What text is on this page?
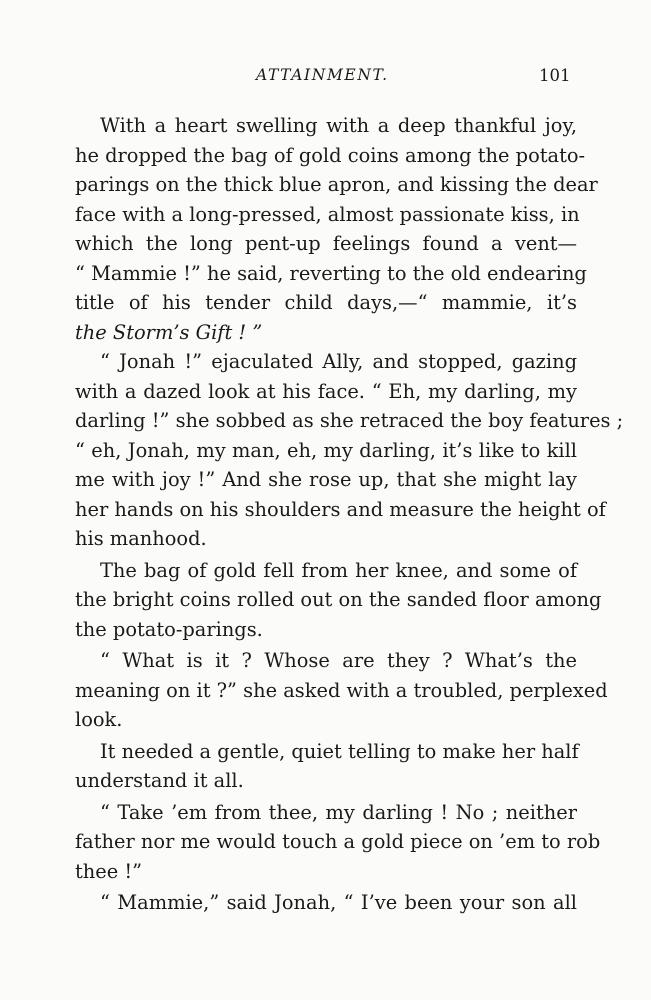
ATTAINMENT.	101
With a heart swelling with a deep thankful joy,
he dropped the bag of gold coins among the potato-
parings on the thick blue apron, and kissing the dear
face with a long-pressed, almost passionate kiss, in
which the long pent-up feelings found a vent—
“ Mammie !” he said, reverting to the old endearing
title of his tender child days,—“ mammie, it’s
the Storm’s Gift ! ”
“ Jonah !” ejaculated Ally, and stopped, gazing
with a dazed look at his face. “ Eh, my darling, my
darling !” she sobbed as she retraced the boy features ;
“ eh, Jonah, my man, eh, my darling, it’s like to kill
me with joy !” And she rose up, that she might lay
her hands on his shoulders and measure the height of
his manhood.
The bag of gold fell from her knee, and some of
the bright coins rolled out on the sanded floor among
the potato-parings.
“ What is it ? Whose are they ? What’s the
meaning on it ?” she asked with a troubled, perplexed
look.
It needed a gentle, quiet telling to make her half
understand it all.
“ Take ’em from thee, my darling ! No ; neither
father nor me would touch a gold piece on ’em to rob
thee !”
“ Mammie,” said Jonah, “ I’ve been your son all
